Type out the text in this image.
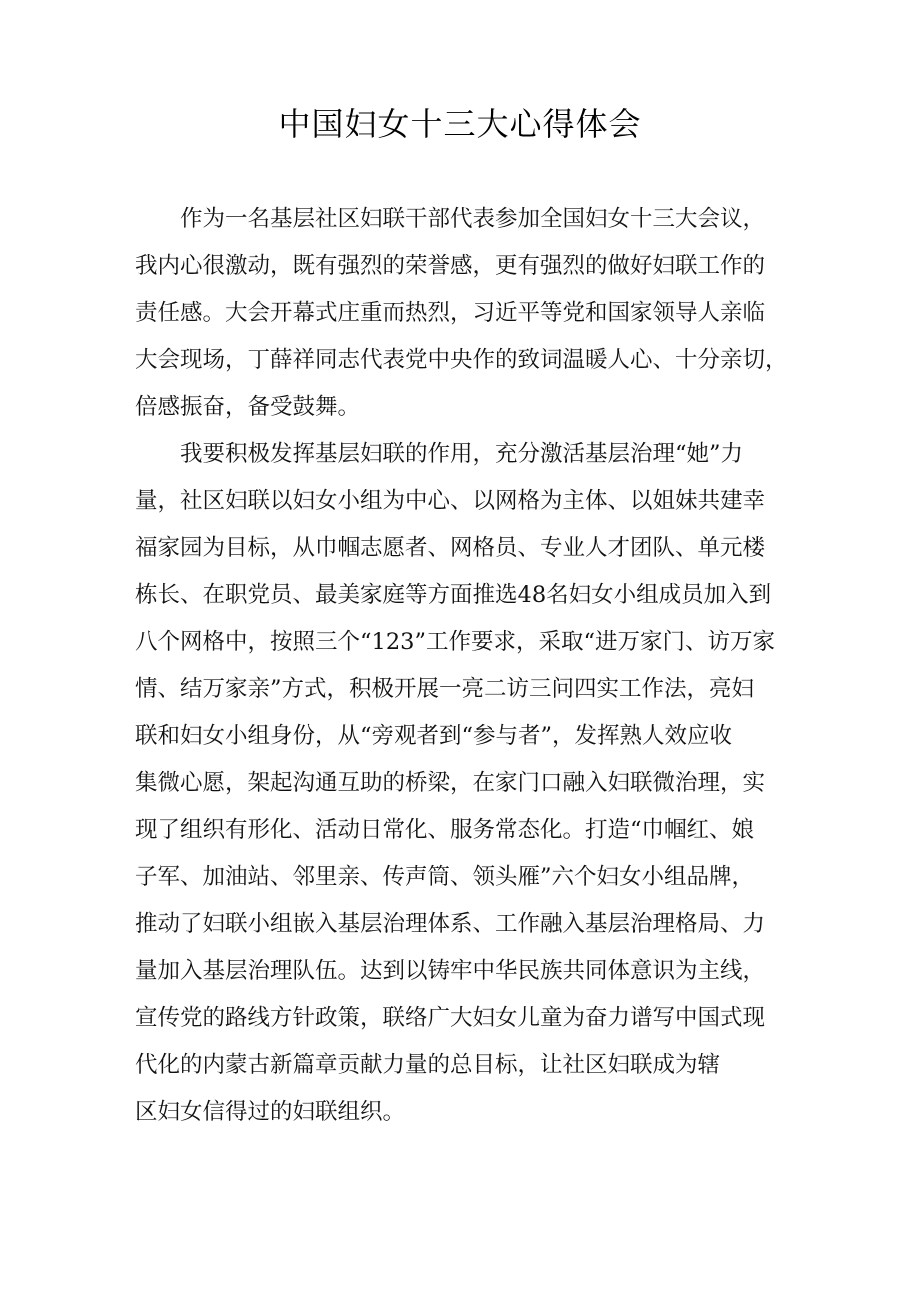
中国妇女十三大心得体会

作为一名基层社区妇联干部代表参加全国妇女十三大会议，
我内心很激动，既有强烈的荣誉感，更有强烈的做好妇联工作的
责任感。大会开幕式庄重而热烈，习近平等党和国家领导人亲临
大会现场，丁薛祥同志代表党中央作的致词温暖人心、十分亲切，
倍感振奋，备受鼓舞。

我要积极发挥基层妇联的作用，充分激活基层治理“她”力
量，社区妇联以妇女小组为中心、以网格为主体、以姐妹共建幸
福家园为目标，从巾帼志愿者、网格员、专业人才团队、单元楼
栋长、在职党员、最美家庭等方面推选48名妇女小组成员加入到
八个网格中，按照三个“123”工作要求，采取“进万家门、访万家
情、结万家亲”方式，积极开展一亮二访三问四实工作法，亮妇
联和妇女小组身份，从“旁观者到“参与者”，发挥熟人效应收
集微心愿，架起沟通互助的桥梁，在家门口融入妇联微治理，实
现了组织有形化、活动日常化、服务常态化。打造“巾帼红、娘
子军、加油站、邻里亲、传声筒、领头雁”六个妇女小组品牌，
推动了妇联小组嵌入基层治理体系、工作融入基层治理格局、力
量加入基层治理队伍。达到以铸牢中华民族共同体意识为主线，
宣传党的路线方针政策，联络广大妇女儿童为奋力谱写中国式现
代化的内蒙古新篇章贡献力量的总目标，让社区妇联成为辖
区妇女信得过的妇联组织。
